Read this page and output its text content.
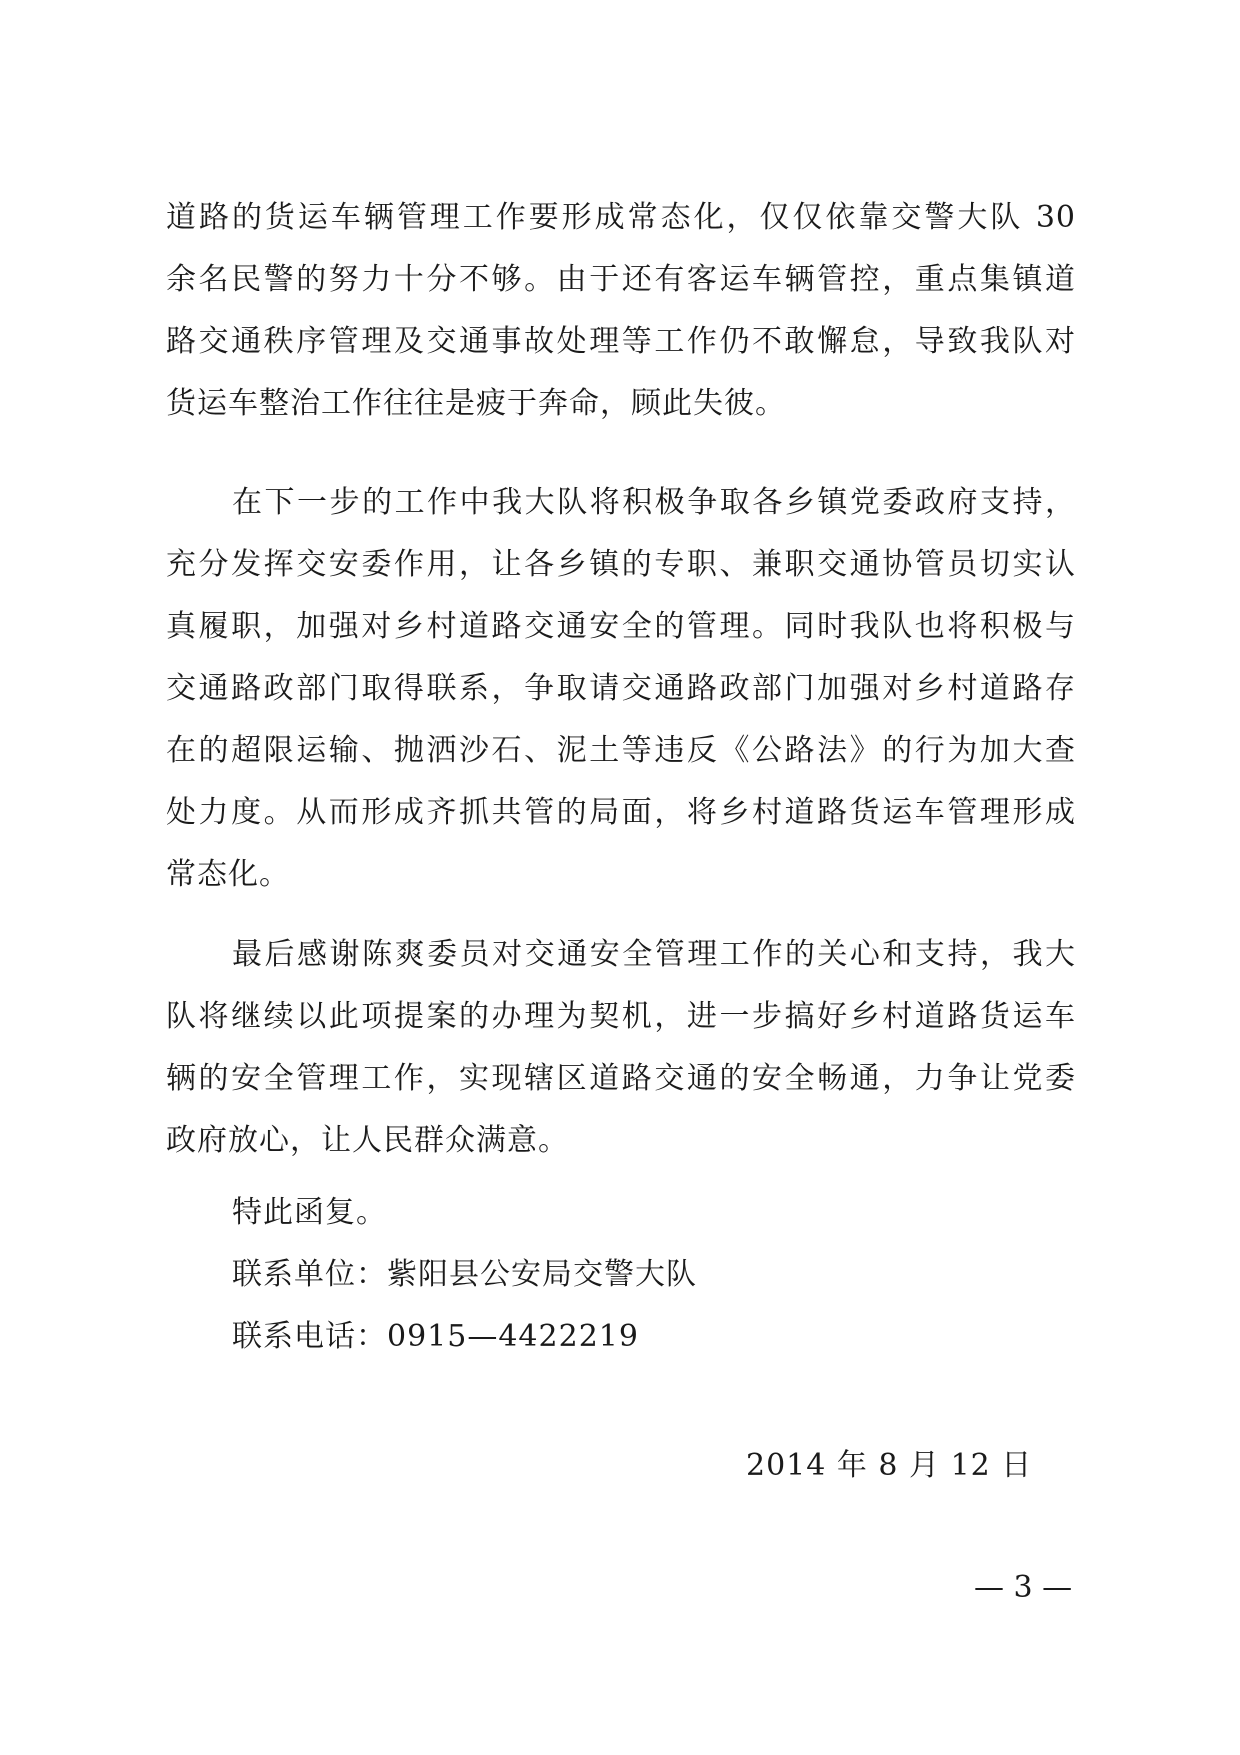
道路的货运车辆管理工作要形成常态化，仅仅依靠交警大队 30
余名民警的努力十分不够。由于还有客运车辆管控，重点集镇道
路交通秩序管理及交通事故处理等工作仍不敢懈怠，导致我队对
货运车整治工作往往是疲于奔命，顾此失彼。
在下一步的工作中我大队将积极争取各乡镇党委政府支持，
充分发挥交安委作用，让各乡镇的专职、兼职交通协管员切实认
真履职，加强对乡村道路交通安全的管理。同时我队也将积极与
交通路政部门取得联系，争取请交通路政部门加强对乡村道路存
在的超限运输、抛洒沙石、泥土等违反《公路法》的行为加大查
处力度。从而形成齐抓共管的局面，将乡村道路货运车管理形成
常态化。
最后感谢陈爽委员对交通安全管理工作的关心和支持，我大
队将继续以此项提案的办理为契机，进一步搞好乡村道路货运车
辆的安全管理工作，实现辖区道路交通的安全畅通，力争让党委
政府放心，让人民群众满意。
特此函复。
联系单位：紫阳县公安局交警大队
联系电话：0915—4422219
2014 年 8 月 12 日
— 3 —
